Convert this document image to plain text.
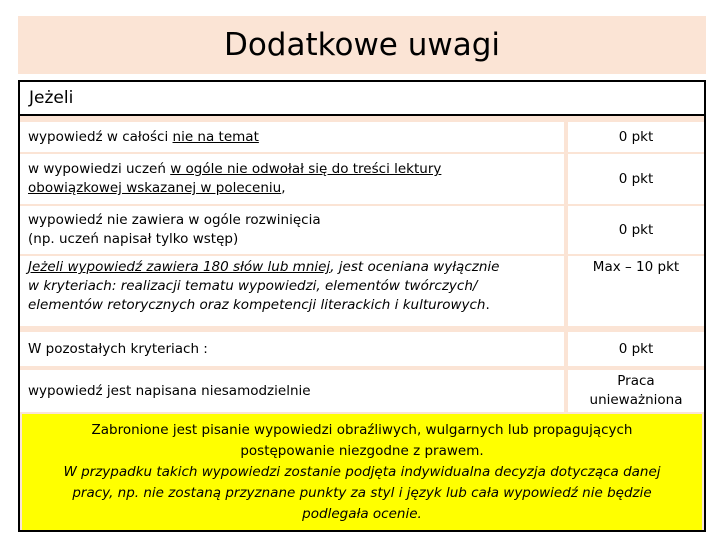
Dodatkowe uwagi
Jeżeli
wypowiedź w całości nie na temat	0 pkt
w wypowiedzi uczeń w ogóle nie odwołał się do treści lektury
obowiązkowej wskazanej w poleceniu,
0 pkt
wypowiedź nie zawiera w ogóle rozwinięcia
(np. uczeń napisał tylko wstęp)
0 pkt
Jeżeli wypowiedź zawiera 180 słów lub mniej, jest oceniana wyłącznie
w kryteriach: realizacji tematu wypowiedzi, elementów twórczych/
elementów retorycznych oraz kompetencji literackich i kulturowych.
Max – 10 pkt
W pozostałych kryteriach :	0 pkt
wypowiedź jest napisana niesamodzielnie
Praca
unieważniona
Zabronione jest pisanie wypowiedzi obraźliwych, wulgarnych lub propagujących
postępowanie niezgodne z prawem.
W przypadku takich wypowiedzi zostanie podjęta indywidualna decyzja dotycząca danej
pracy, np. nie zostaną przyznane punkty za styl i język lub cała wypowiedź nie będzie
podlegała ocenie.
